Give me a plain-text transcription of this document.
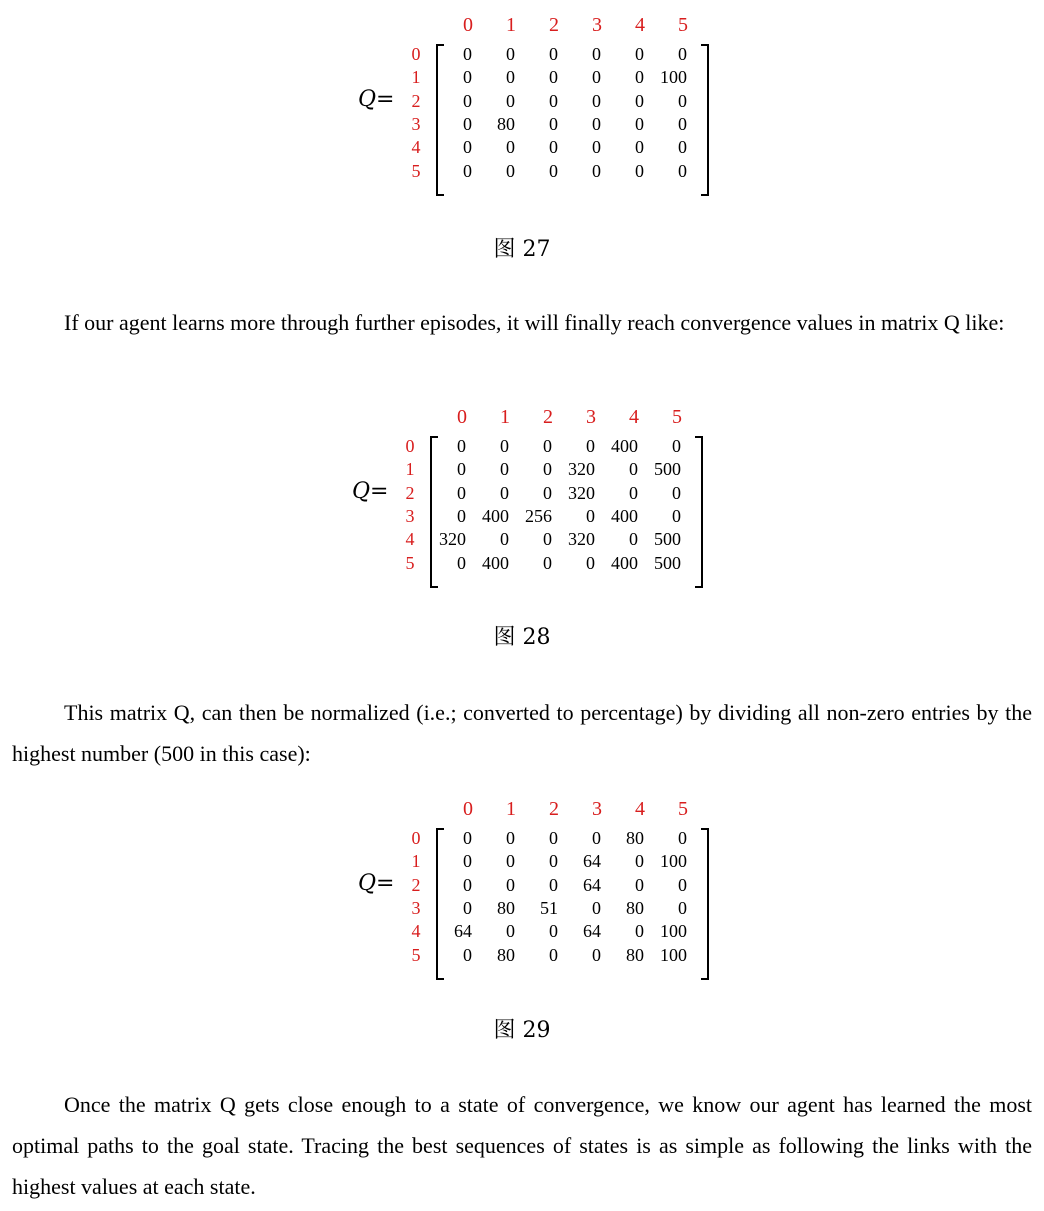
Q=
0	1	2	3	4	5
0
1
2
3
4
5
0	0	0	0	0	0
0	0	0	0	0 100
0	0	0	0	0	0
0	80	0	0	0	0
0	0	0	0	0	0
0	0	0	0	0	0
图 27

If our agent learns more through further episodes, it will finally reach convergence values in matrix Q like:

Q=
0	1	2	3	4	5
0
1
2
3
4
5
0	0	0	0 400	0
0	0	0 320	0 500
0	0	0 320	0	0
0 400 256	0 400	0
320	0	0 320	0 500
0 400	0	0 400 500
图 28

This matrix Q, can then be normalized (i.e.; converted to percentage) by dividing all non-zero entries by the highest number (500 in this case):

Q=
0	1	2	3	4	5
0
1
2
3
4
5
0	0	0	0	80	0
0	0	0	64	0 100
0	0	0	64	0	0
0	80	51	0	80	0
64	0	0	64	0 100
0	80	0	0	80 100
图 29

Once the matrix Q gets close enough to a state of convergence, we know our agent has learned the most optimal paths to the goal state. Tracing the best sequences of states is as simple as following the links with the highest values at each state.
